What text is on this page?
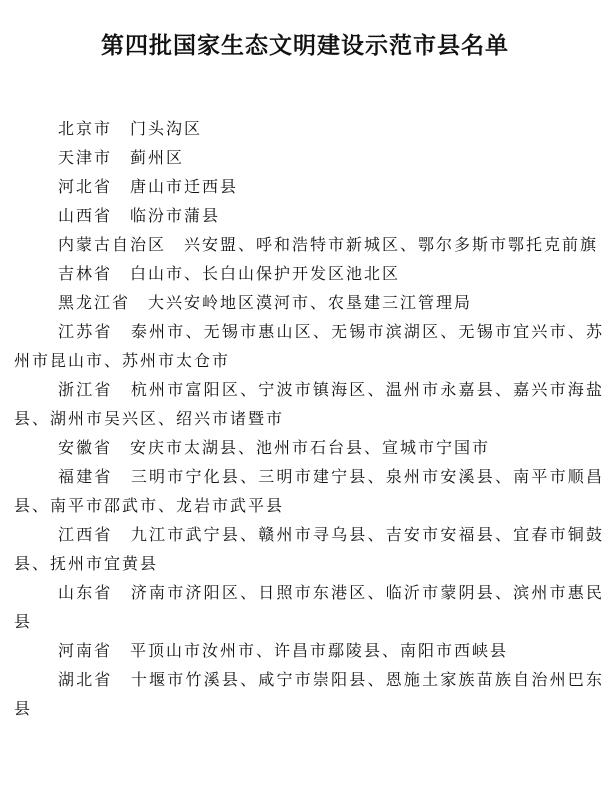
第四批国家生态文明建设示范市县名单

北京市 门头沟区

天津市 蓟州区

河北省 唐山市迁西县

山西省 临汾市蒲县

内蒙古自治区 兴安盟、呼和浩特市新城区、鄂尔多斯市鄂托克前旗

吉林省 白山市、长白山保护开发区池北区

黑龙江省 大兴安岭地区漠河市、农垦建三江管理局

江苏省 泰州市、无锡市惠山区、无锡市滨湖区、无锡市宜兴市、苏州市昆山市、苏州市太仓市

浙江省 杭州市富阳区、宁波市镇海区、温州市永嘉县、嘉兴市海盐县、湖州市吴兴区、绍兴市诸暨市

安徽省 安庆市太湖县、池州市石台县、宣城市宁国市

福建省 三明市宁化县、三明市建宁县、泉州市安溪县、南平市顺昌县、南平市邵武市、龙岩市武平县

江西省 九江市武宁县、赣州市寻乌县、吉安市安福县、宜春市铜鼓县、抚州市宜黄县

山东省 济南市济阳区、日照市东港区、临沂市蒙阴县、滨州市惠民县

河南省 平顶山市汝州市、许昌市鄢陵县、南阳市西峡县

湖北省 十堰市竹溪县、咸宁市崇阳县、恩施土家族苗族自治州巴东县
